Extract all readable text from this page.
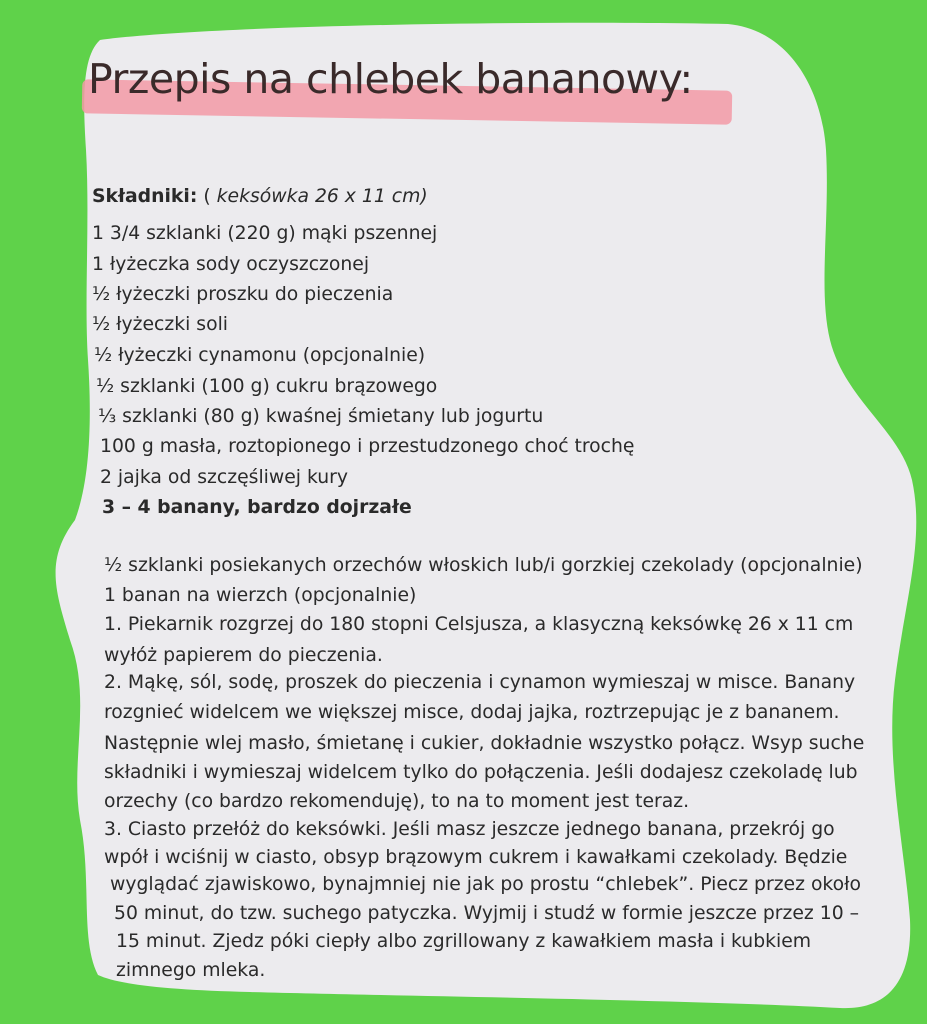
Przepis na chlebek bananowy:
Składniki: ( keksówka 26 x 11 cm)
1 3/4 szklanki (220 g) mąki pszennej
1 łyżeczka sody oczyszczonej
½ łyżeczki proszku do pieczenia
½ łyżeczki soli
½ łyżeczki cynamonu (opcjonalnie)
½ szklanki (100 g) cukru brązowego
⅓ szklanki (80 g) kwaśnej śmietany lub jogurtu
100 g masła, roztopionego i przestudzonego choć trochę
2 jajka od szczęśliwej kury
3 – 4 banany, bardzo dojrzałe
½ szklanki posiekanych orzechów włoskich lub/i gorzkiej czekolady (opcjonalnie)
1 banan na wierzch (opcjonalnie)
1. Piekarnik rozgrzej do 180 stopni Celsjusza, a klasyczną keksówkę 26 x 11 cm
wyłóż papierem do pieczenia.
2. Mąkę, sól, sodę, proszek do pieczenia i cynamon wymieszaj w misce. Banany
rozgnieć widelcem we większej misce, dodaj jajka, roztrzepując je z bananem.
Następnie wlej masło, śmietanę i cukier, dokładnie wszystko połącz. Wsyp suche
składniki i wymieszaj widelcem tylko do połączenia. Jeśli dodajesz czekoladę lub
orzechy (co bardzo rekomenduję), to na to moment jest teraz.
3. Ciasto przełóż do keksówki. Jeśli masz jeszcze jednego banana, przekrój go
wpół i wciśnij w ciasto, obsyp brązowym cukrem i kawałkami czekolady. Będzie
wyglądać zjawiskowo, bynajmniej nie jak po prostu “chlebek”. Piecz przez około
50 minut, do tzw. suchego patyczka. Wyjmij i studź w formie jeszcze przez 10 –
15 minut. Zjedz póki ciepły albo zgrillowany z kawałkiem masła i kubkiem
zimnego mleka.
